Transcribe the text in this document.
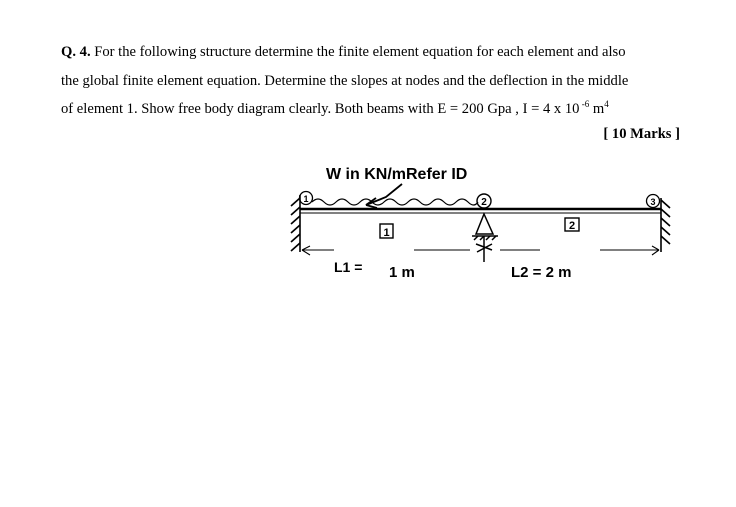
Q. 4. For the following structure determine the finite element equation for each element and also
the global finite element equation. Determine the slopes at nodes and the deflection in the middle
of element 1. Show free body diagram clearly. Both beams with E = 200 Gpa , I = 4 x 10 $^{-6}$ $m^4$
[ 10 Marks ]
W in KN/mRefer ID
1	2
1
2
3
L1 = 1 m	L2 = 2 m
